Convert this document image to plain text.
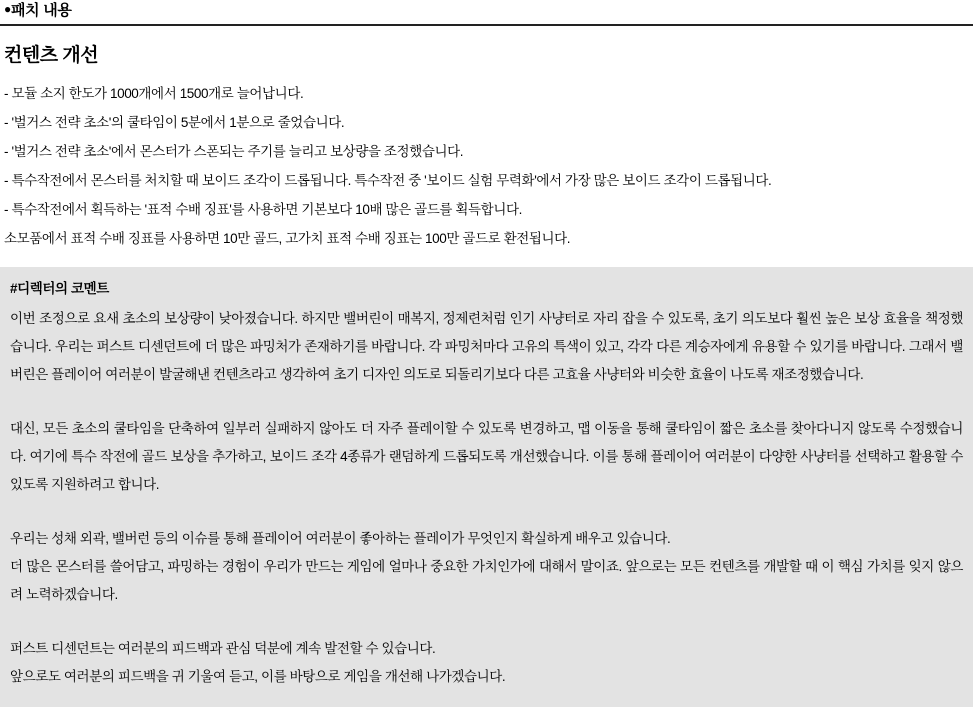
●패치 내용
컨텐츠 개선
- 모듈 소지 한도가 1000개에서 1500개로 늘어납니다.
- '벌거스 전략 초소'의 쿨타임이 5분에서 1분으로 줄었습니다.
- '벌거스 전략 초소'에서 몬스터가 스폰되는 주기를 늘리고 보상량을 조정했습니다.
- 특수작전에서 몬스터를 처치할 때 보이드 조각이 드롭됩니다. 특수작전 중 '보이드 실험 무력화'에서 가장 많은 보이드 조각이 드롭됩니다.
- 특수작전에서 획득하는 '표적 수배 징표'를 사용하면 기본보다 10배 많은 골드를 획득합니다.
소모품에서 표적 수배 징표를 사용하면 10만 골드, 고가치 표적 수배 징표는 100만 골드로 환전됩니다.
#디렉터의 코멘트

이번 조정으로 요새 초소의 보상량이 낮아졌습니다. 하지만 밸버린이 매복지, 정제련처럼 인기 사냥터로 자리 잡을 수 있도록, 초기 의도보다 훨씬 높은 보상 효율을 책정했습니다. 우리는 퍼스트 디센던트에 더 많은 파밍처가 존재하기를 바랍니다. 각 파밍처마다 고유의 특색이 있고, 각각 다른 계승자에게 유용할 수 있기를 바랍니다. 그래서 밸버린은 플레이어 여러분이 발굴해낸 컨텐츠라고 생각하여 초기 디자인 의도로 되돌리기보다 다른 고효율 사냥터와 비슷한 효율이 나도록 재조정했습니다.

대신, 모든 초소의 쿨타임을 단축하여 일부러 실패하지 않아도 더 자주 플레이할 수 있도록 변경하고, 맵 이동을 통해 쿨타임이 짧은 초소를 찾아다니지 않도록 수정했습니다. 여기에 특수 작전에 골드 보상을 추가하고, 보이드 조각 4종류가 랜덤하게 드롭되도록 개선했습니다. 이를 통해 플레이어 여러분이 다양한 사냥터를 선택하고 활용할 수 있도록 지원하려고 합니다.

우리는 성채 외곽, 밸버런 등의 이슈를 통해 플레이어 여러분이 좋아하는 플레이가 무엇인지 확실하게 배우고 있습니다.

더 많은 몬스터를 쓸어담고, 파밍하는 경험이 우리가 만드는 게임에 얼마나 중요한 가치인가에 대해서 말이죠. 앞으로는 모든 컨텐츠를 개발할 때 이 핵심 가치를 잊지 않으려 노력하겠습니다.

퍼스트 디센던트는 여러분의 피드백과 관심 덕분에 계속 발전할 수 있습니다.

앞으로도 여러분의 피드백을 귀 기울여 듣고, 이를 바탕으로 게임을 개선해 나가겠습니다.
